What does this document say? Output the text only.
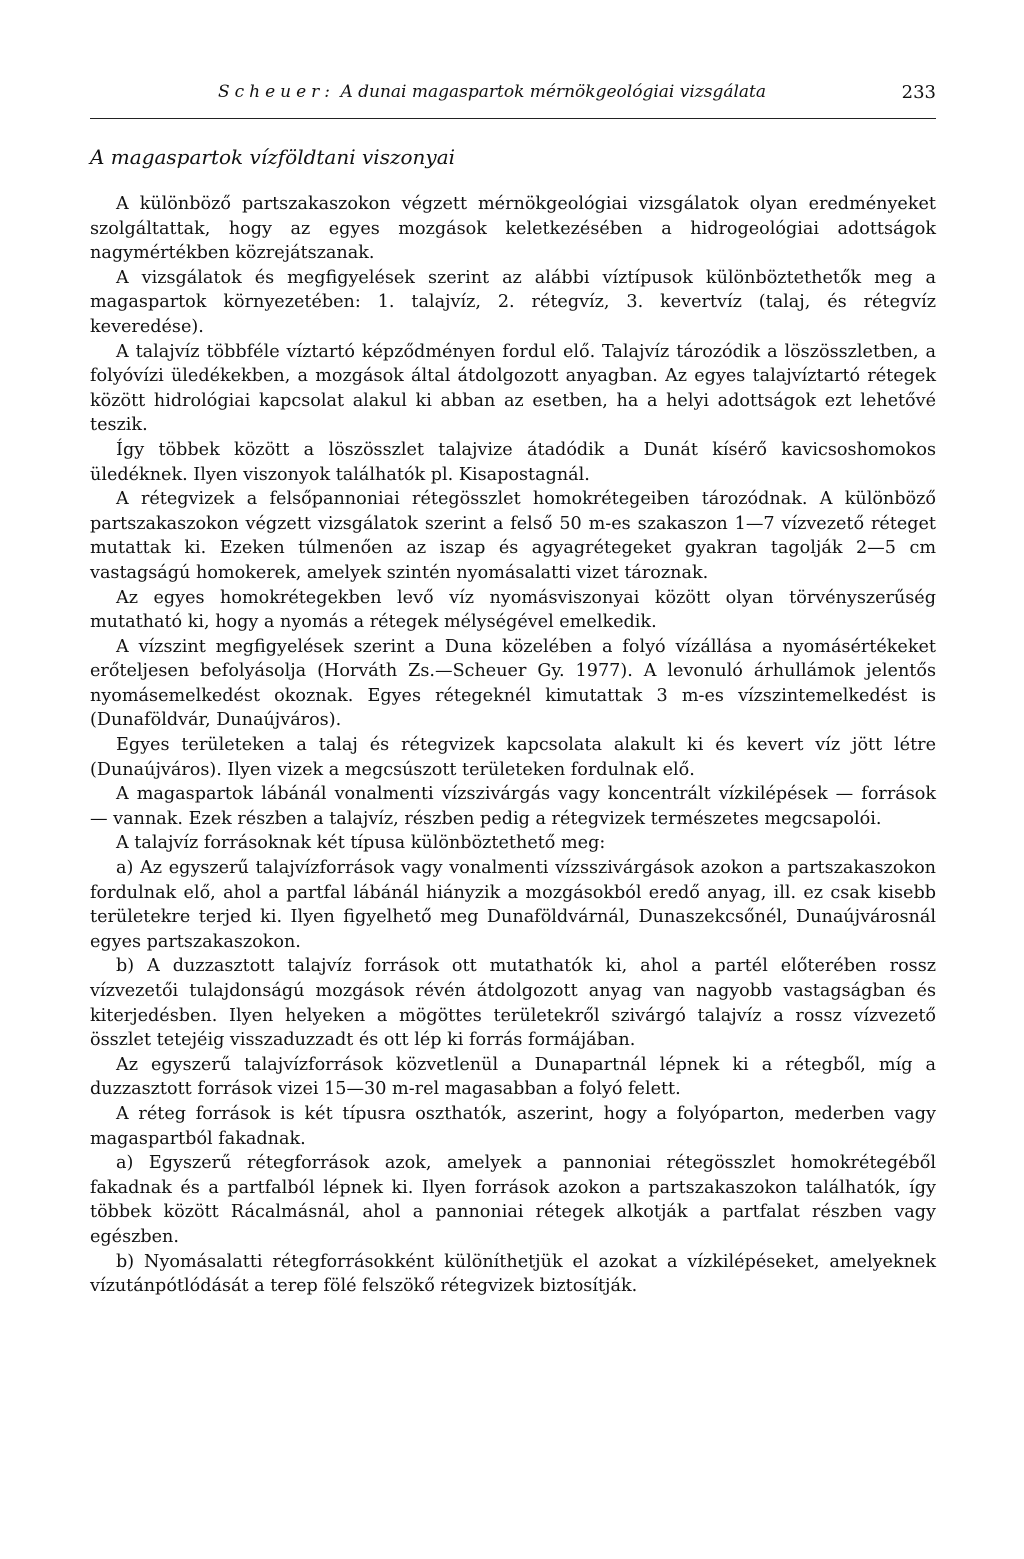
Scheuer: A dunai magaspartok mérnökgeológiai vizsgálata	233
A magaspartok vízföldtani viszonyai

A különböző partszakaszokon végzett mérnökgeológiai vizsgálatok olyan eredményeket szolgáltattak, hogy az egyes mozgások keletkezésében a hidrogeológiai adottságok nagymértékben közrejátszanak.

A vizsgálatok és megfigyelések szerint az alábbi víztípusok különböztethetők meg a magaspartok környezetében: 1. talajvíz, 2. rétegvíz, 3. kevertvíz (talaj, és rétegvíz keveredése).

A talajvíz többféle víztartó képződményen fordul elő. Talajvíz tározódik a löszösszletben, a folyóvízi üledékekben, a mozgások által átdolgozott anyagban. Az egyes talajvíztartó rétegek között hidrológiai kapcsolat alakul ki abban az esetben, ha a helyi adottságok ezt lehetővé teszik.

Így többek között a löszösszlet talajvize átadódik a Dunát kísérő kavicsoshomokos üledéknek. Ilyen viszonyok találhatók pl. Kisapostagnál.

A rétegvizek a felsőpannoniai rétegösszlet homokrétegeiben tározódnak. A különböző partszakaszokon végzett vizsgálatok szerint a felső 50 m-es szakaszon 1—7 vízvezető réteget mutattak ki. Ezeken túlmenően az iszap és agyagrétegeket gyakran tagolják 2—5 cm vastagságú homokerek, amelyek szintén nyomásalatti vizet tároznak.

Az egyes homokrétegekben levő víz nyomásviszonyai között olyan törvényszerűség mutatható ki, hogy a nyomás a rétegek mélységével emelkedik.

A vízszint megfigyelések szerint a Duna közelében a folyó vízállása a nyomásértékeket erőteljesen befolyásolja (Horváth Zs.—Scheuer Gy. 1977). A levonuló árhullámok jelentős nyomásemelkedést okoznak. Egyes rétegeknél kimutattak 3 m-es vízszintemelkedést is (Dunaföldvár, Dunaújváros).

Egyes területeken a talaj és rétegvizek kapcsolata alakult ki és kevert víz jött létre (Dunaújváros). Ilyen vizek a megcsúszott területeken fordulnak elő.

A magaspartok lábánál vonalmenti vízszivárgás vagy koncentrált vízkilépések — források — vannak. Ezek részben a talajvíz, részben pedig a rétegvizek természetes megcsapolói.

A talajvíz forrásoknak két típusa különböztethető meg:

a) Az egyszerű talajvízforrások vagy vonalmenti vízsszivárgások azokon a partszakaszokon fordulnak elő, ahol a partfal lábánál hiányzik a mozgásokból eredő anyag, ill. ez csak kisebb területekre terjed ki. Ilyen figyelhető meg Dunaföldvárnál, Dunaszekcsőnél, Dunaújvárosnál egyes partszakaszokon.

b) A duzzasztott talajvíz források ott mutathatók ki, ahol a partél előterében rossz vízvezetői tulajdonságú mozgások révén átdolgozott anyag van nagyobb vastagságban és kiterjedésben. Ilyen helyeken a mögöttes területekről szivárgó talajvíz a rossz vízvezető összlet tetejéig visszaduzzadt és ott lép ki forrás formájában.

Az egyszerű talajvízforrások közvetlenül a Dunapartnál lépnek ki a rétegből, míg a duzzasztott források vizei 15—30 m-rel magasabban a folyó felett.

A réteg források is két típusra oszthatók, aszerint, hogy a folyóparton, mederben vagy magaspartból fakadnak.

a) Egyszerű rétegforrások azok, amelyek a pannoniai rétegösszlet homokrétegéből fakadnak és a partfalból lépnek ki. Ilyen források azokon a partszakaszokon találhatók, így többek között Rácalmásnál, ahol a pannoniai rétegek alkotják a partfalat részben vagy egészben.

b) Nyomásalatti rétegforrásokként különíthetjük el azokat a vízkilépéseket, amelyeknek vízutánpótlódását a terep fölé felszökő rétegvizek biztosítják.
